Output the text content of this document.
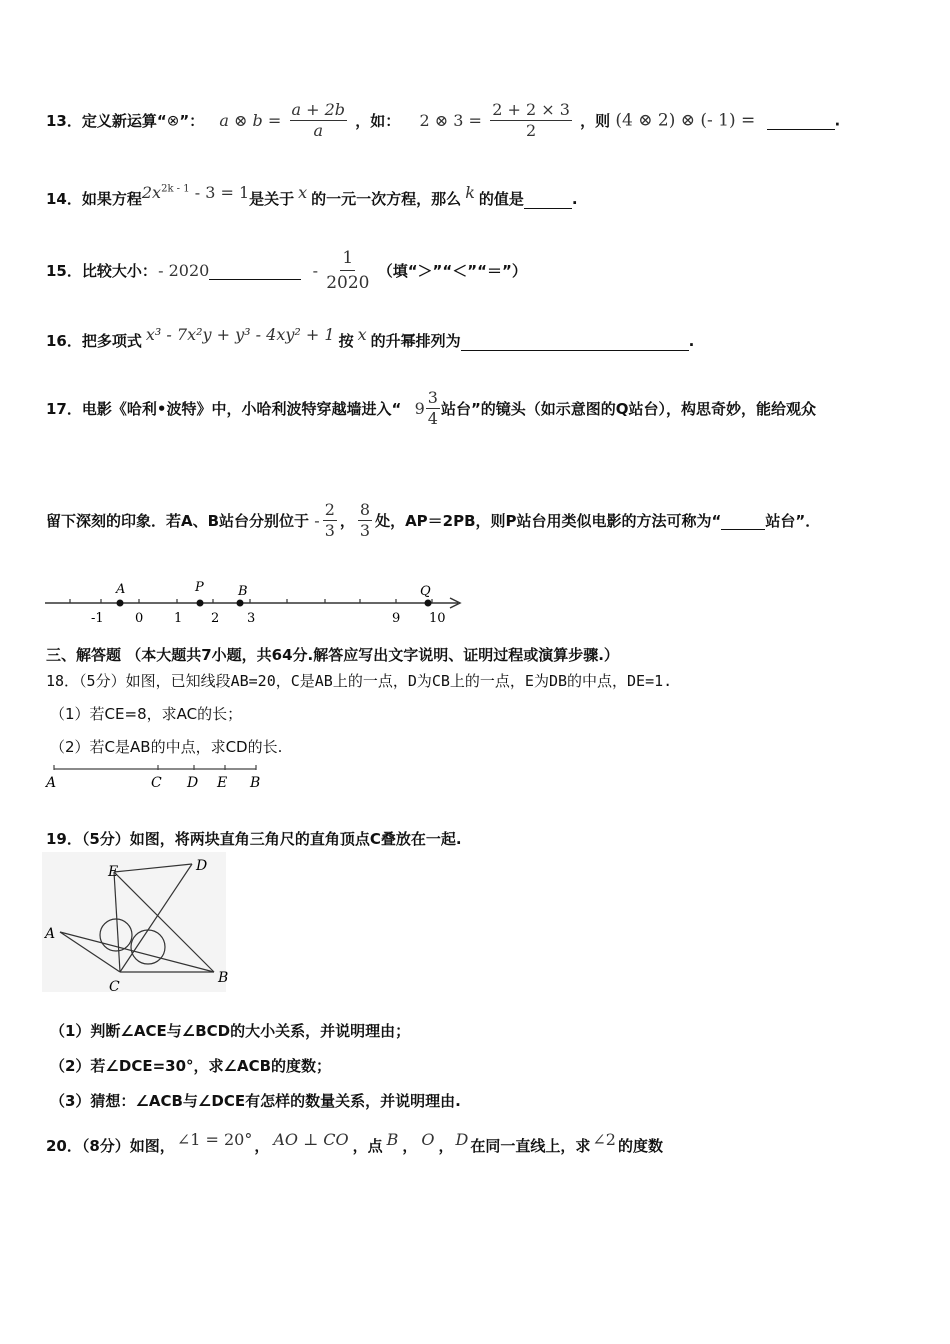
13．定义新运算“⊗”： a ⊗ $b = \frac{a + 2b}{a}$ ，如： 2 ⊗ $3 = \frac{2 + 2 \times 3}{2}$ ，则 (4 ⊗ 2) ⊗ (- 1) =	.
14．如果方程$2x^{2k - 1} - 3 = 1$是关于 x 的一元一次方程，那么 k 的值是	.
15．比较大小： - 2020	- $\frac{1}{2020}$ （填“＞”“＜”“＝”）
16．把多项式 x³ - 7x²y + y³ - 4xy² + 1 按 x 的升幂排列为	.
17．电影《哈利•波特》中，小哈利波特穿越墙进入“ $9 \frac{3}{4}$ 站台”的镜头（如示意图的Q站台），构思奇妙，能给观众
留下深刻的印象．若A、B站台分别位于 - $\frac{2}{3}$ ， $\frac{8}{3}$ 处，AP＝2PB，则P站台用类似电影的方法可称为“	站台”．
A	P	B	Q
-1 0 1 2 3	9 10
三、解答题 （本大题共7小题，共64分.解答应写出文字说明、证明过程或演算步骤.）
18．（5分）如图，已知线段AB=20，C是AB上的一点，D为CB上的一点，E为DB的中点，DE=1.
（1）若CE=8，求AC的长；
（2）若C是AB的中点，求CD的长.
A	C D E B
19．（5分）如图，将两块直角三角尺的直角顶点C叠放在一起.
E	D
A
C
B
（1）判断∠ACE与∠BCD的大小关系，并说明理由；
（2）若∠DCE=30°，求∠ACB的度数；
（3）猜想：∠ACB与∠DCE有怎样的数量关系，并说明理由.
20．（8分）如图， ∠1 = 20° ， AO ⊥ CO ，点 B ， O ， D 在同一直线上，求 ∠2 的度数
